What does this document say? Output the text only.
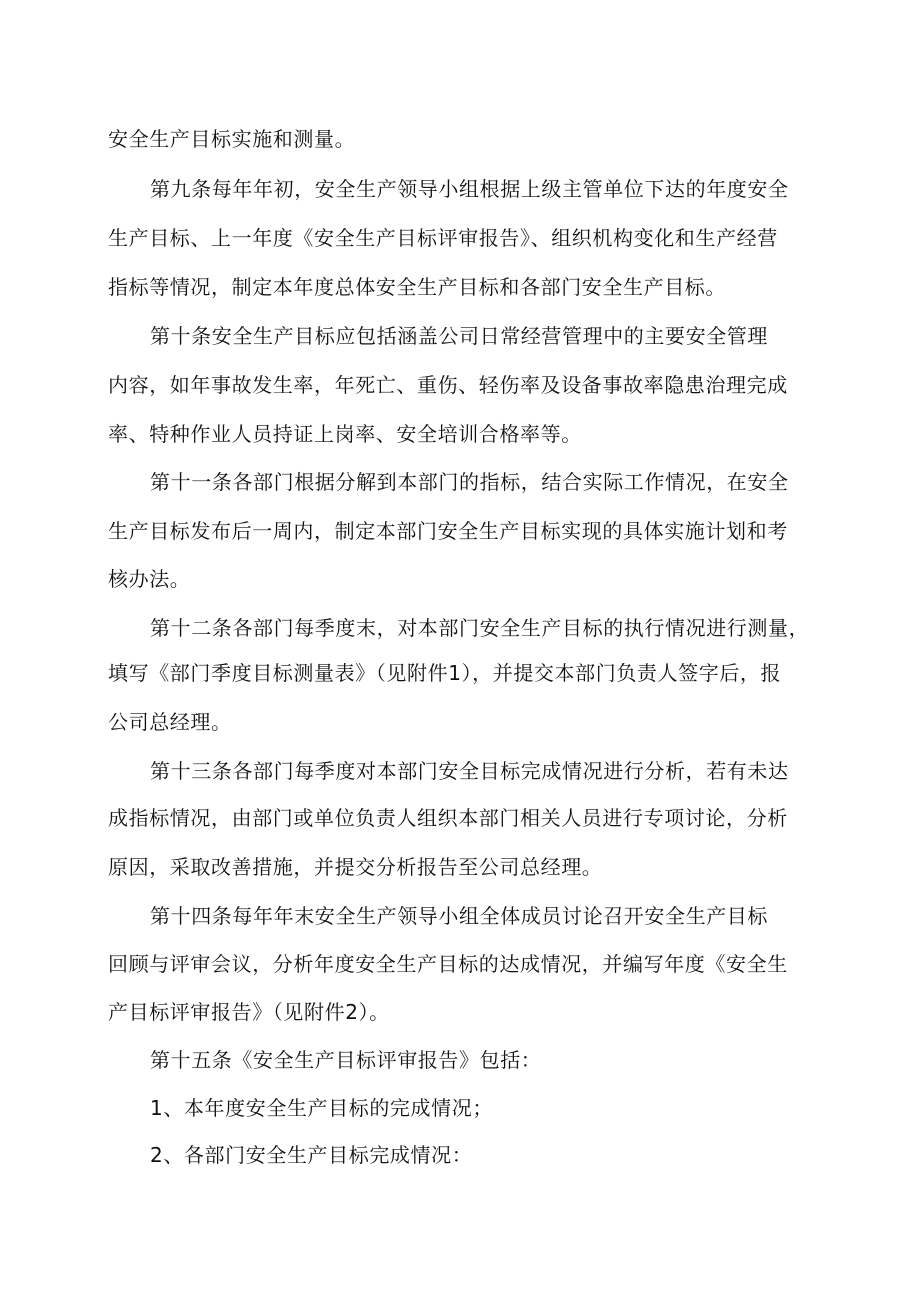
安全生产目标实施和测量。
第九条每年年初，安全生产领导小组根据上级主管单位下达的年度安全
生产目标、上一年度《安全生产目标评审报告》、组织机构变化和生产经营
指标等情况，制定本年度总体安全生产目标和各部门安全生产目标。
第十条安全生产目标应包括涵盖公司日常经营管理中的主要安全管理
内容，如年事故发生率，年死亡、重伤、轻伤率及设备事故率隐患治理完成
率、特种作业人员持证上岗率、安全培训合格率等。
第十一条各部门根据分解到本部门的指标，结合实际工作情况，在安全
生产目标发布后一周内，制定本部门安全生产目标实现的具体实施计划和考
核办法。
第十二条各部门每季度末，对本部门安全生产目标的执行情况进行测量，
填写《部门季度目标测量表》（见附件1），并提交本部门负责人签字后，报
公司总经理。
第十三条各部门每季度对本部门安全目标完成情况进行分析，若有未达
成指标情况，由部门或单位负责人组织本部门相关人员进行专项讨论，分析
原因，采取改善措施，并提交分析报告至公司总经理。
第十四条每年年末安全生产领导小组全体成员讨论召开安全生产目标
回顾与评审会议，分析年度安全生产目标的达成情况，并编写年度《安全生
产目标评审报告》（见附件2）。
第十五条《安全生产目标评审报告》包括：
1、本年度安全生产目标的完成情况；
2、各部门安全生产目标完成情况：
